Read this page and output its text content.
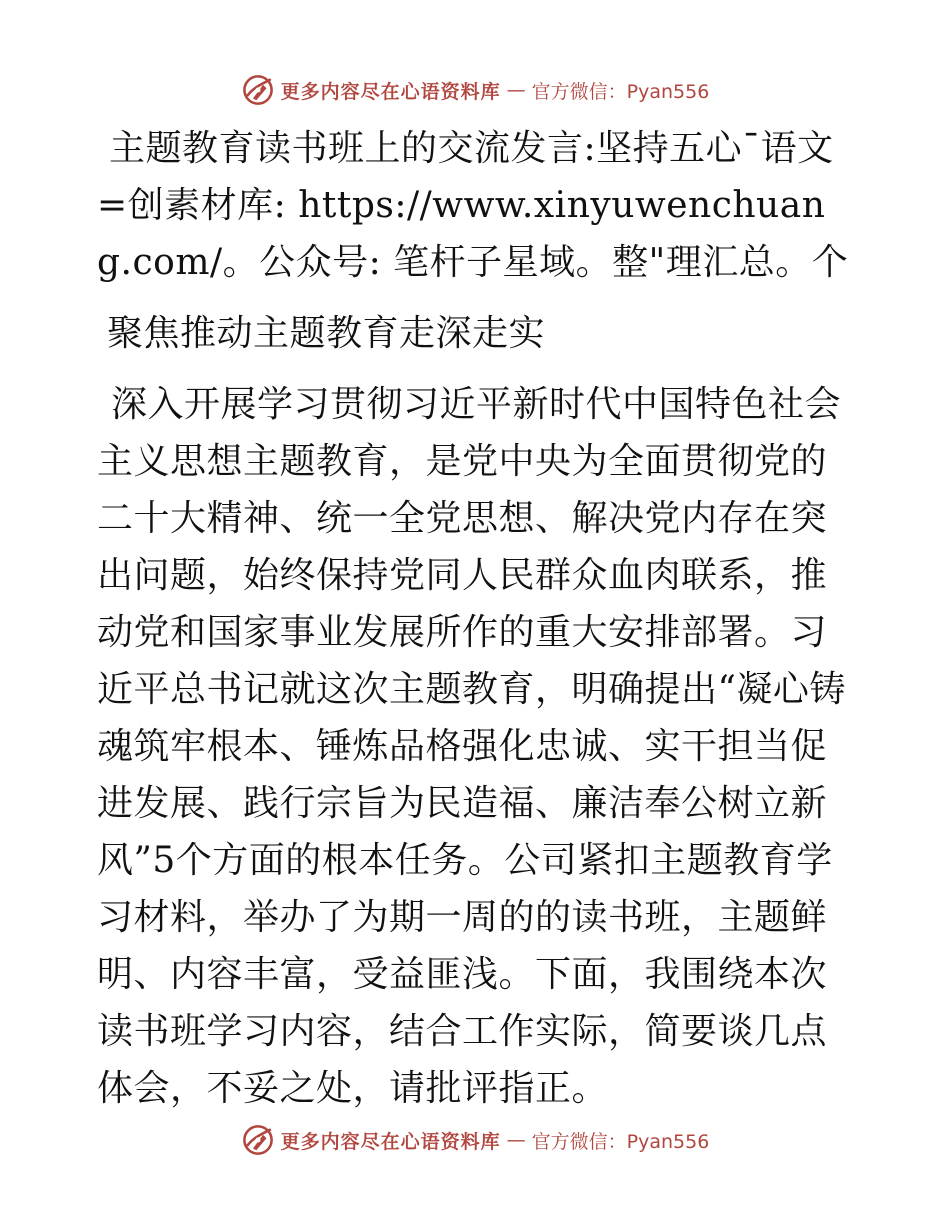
更多内容尽在心语资料库 — 官方微信：Pyan556

主题教育读书班上的交流发言:坚持五心¯语文=创素材库: https://www.xinyuwenchuang.com/。公众号: 笔杆子星域。整"理汇总。个

聚焦推动主题教育走深走实

深入开展学习贯彻习近平新时代中国特色社会主义思想主题教育，是党中央为全面贯彻党的二十大精神、统一全党思想、解决党内存在突出问题，始终保持党同人民群众血肉联系，推动党和国家事业发展所作的重大安排部署。习近平总书记就这次主题教育，明确提出“凝心铸魂筑牢根本、锤炼品格强化忠诚、实干担当促进发展、践行宗旨为民造福、廉洁奉公树立新风”5个方面的根本任务。公司紧扣主题教育学习材料，举办了为期一周的的读书班，主题鲜明、内容丰富，受益匪浅。下面，我围绕本次读书班学习内容，结合工作实际，简要谈几点体会，不妥之处，请批评指正。

更多内容尽在心语资料库 — 官方微信：Pyan556
